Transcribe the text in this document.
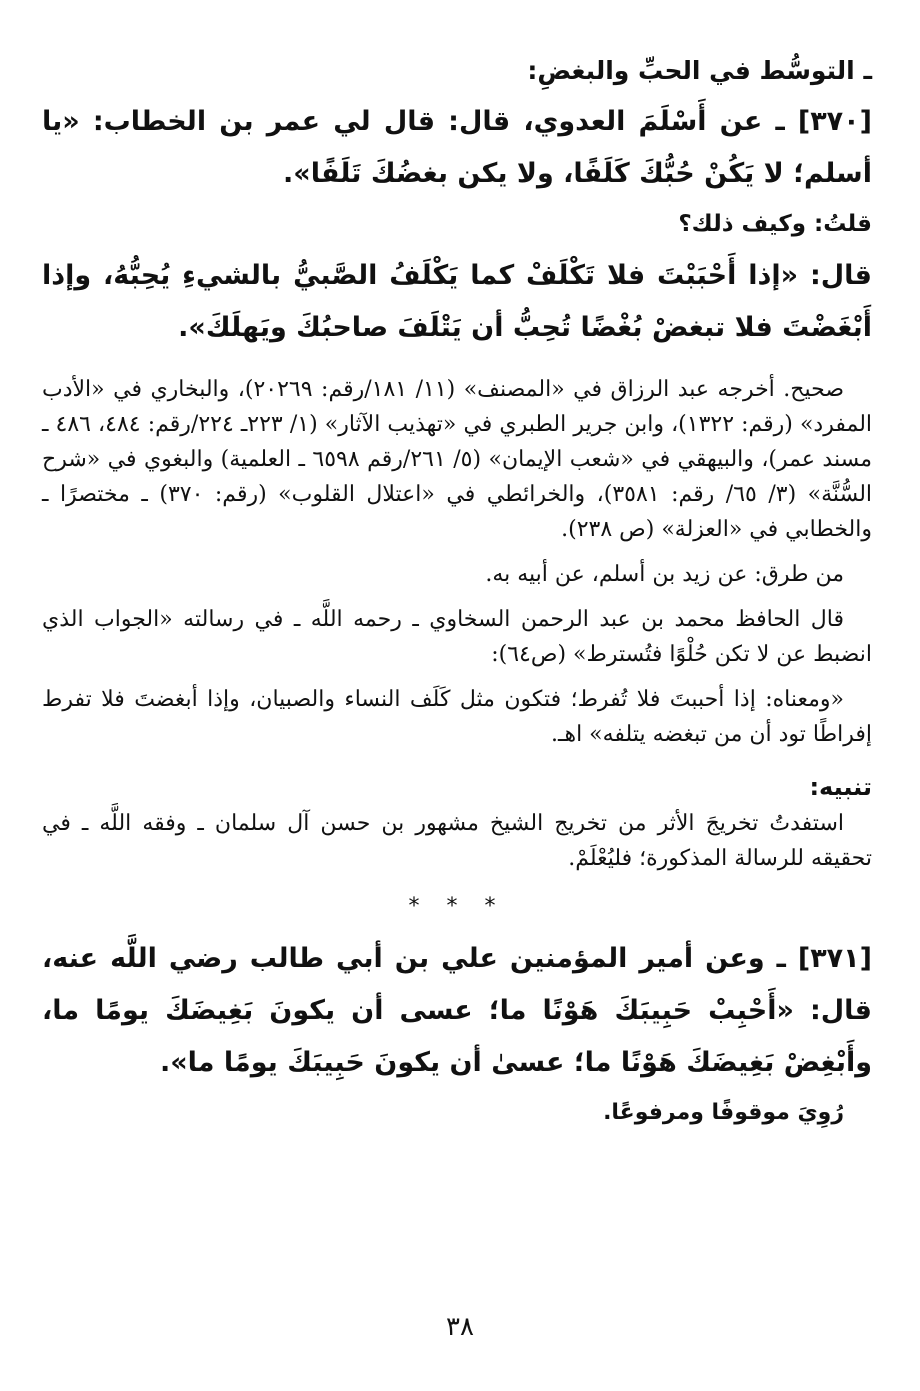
ـ التوسُّط في الحبِّ والبغضِ:

[٣٧٠] ـ عن أَسْلَمَ العدوي، قال: قال لي عمر بن الخطاب: «يا أسلم؛ لا يَكُنْ حُبُّكَ كَلَفًا، ولا يكن بغضُكَ تَلَفًا».

قلتُ: وكيف ذلك؟

قال: «إذا أَحْبَبْتَ فلا تَكْلَفْ كما يَكْلَفُ الصَّبيُّ بالشيءِ يُحِبُّهُ، وإذا أَبْغَضْتَ فلا تبغضْ بُغْضًا تُحِبُّ أن يَتْلَفَ صاحبُكَ ويَهلَكَ».

صحيح. أخرجه عبد الرزاق في «المصنف» (١١/ ١٨١/رقم: ٢٠٢٦٩)، والبخاري في «الأدب المفرد» (رقم: ١٣٢٢)، وابن جرير الطبري في «تهذيب الآثار» (١/ ٢٢٣ـ ٢٢٤/رقم: ٤٨٤، ٤٨٦ ـ مسند عمر)، والبيهقي في «شعب الإيمان» (٥/ ٢٦١/رقم ٦٥٩٨ ـ العلمية) والبغوي في «شرح السُّنَّة» (٣/ ٦٥/ رقم: ٣٥٨١)، والخرائطي في «اعتلال القلوب» (رقم: ٣٧٠) ـ مختصرًا ـ والخطابي في «العزلة» (ص ٢٣٨).

من طرق: عن زيد بن أسلم، عن أبيه به.

قال الحافظ محمد بن عبد الرحمن السخاوي ـ رحمه اللَّه ـ في رسالته «الجواب الذي انضبط عن لا تكن حُلْوًا فتُسترط» (ص٦٤):

«ومعناه: إذا أحببتَ فلا تُفرط؛ فتكون مثل كَلَف النساء والصبيان، وإذا أبغضتَ فلا تفرط إفراطًا تود أن من تبغضه يتلفه» اهـ.

تنبيه:

استفدتُ تخريجَ الأثر من تخريج الشيخ مشهور بن حسن آل سلمان ـ وفقه اللَّه ـ في تحقيقه للرسالة المذكورة؛ فليُعْلَمْ.

* * *

[٣٧١] ـ وعن أمير المؤمنين علي بن أبي طالب رضي اللَّه عنه، قال: «أَحْبِبْ حَبِيبَكَ هَوْنًا ما؛ عسى أن يكونَ بَغِيضَكَ يومًا ما، وأَبْغِضْ بَغِيضَكَ هَوْنًا ما؛ عسىٰ أن يكونَ حَبِيبَكَ يومًا ما».

رُوِيَ موقوفًا ومرفوعًا.

٣٨
